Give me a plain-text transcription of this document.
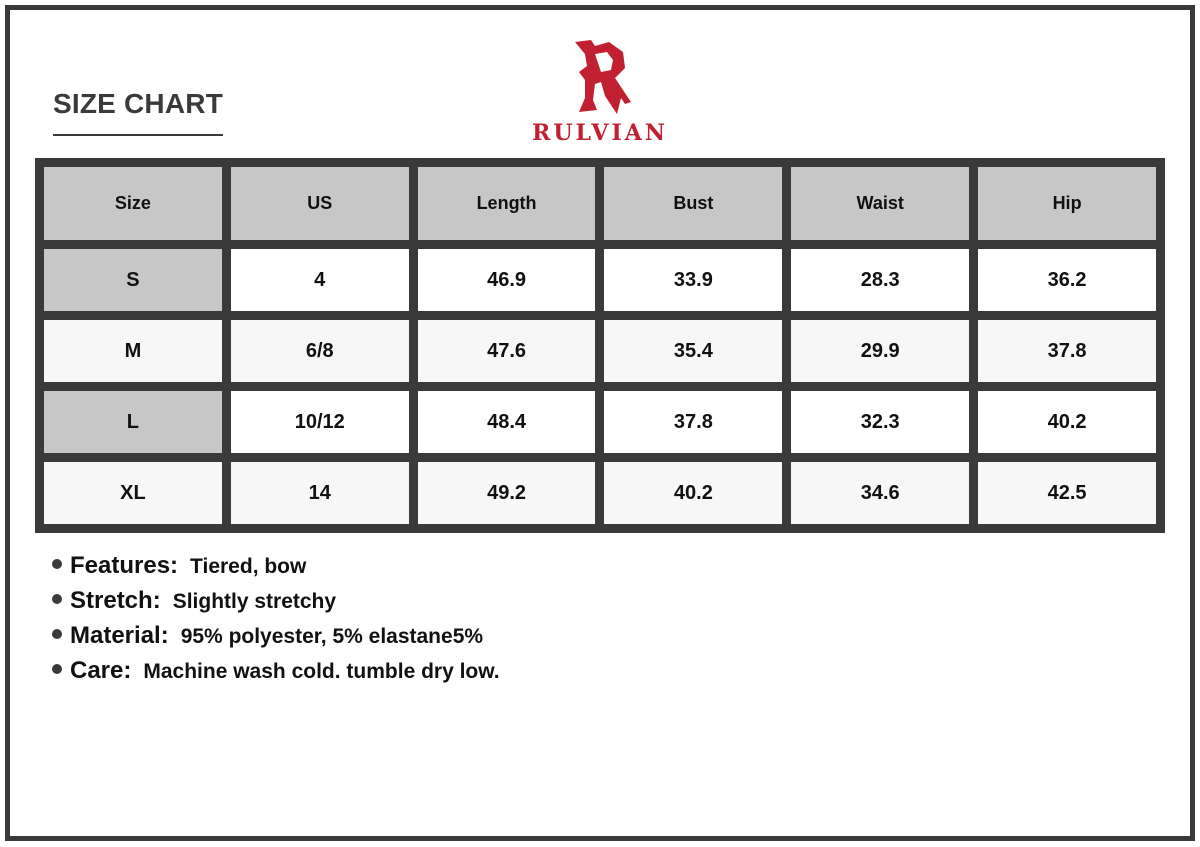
SIZE CHART
RULVIAN
Size	US	Length	Bust	Waist	Hip
S	4	46.9	33.9	28.3	36.2
M	6/8	47.6	35.4	29.9	37.8
L	10/12	48.4	37.8	32.3	40.2
XL	14	49.2	40.2	34.6	42.5
Features: Tiered, bow
Stretch: Slightly stretchy
Material: 95% polyester, 5% elastane5%
Care: Machine wash cold. tumble dry low.
